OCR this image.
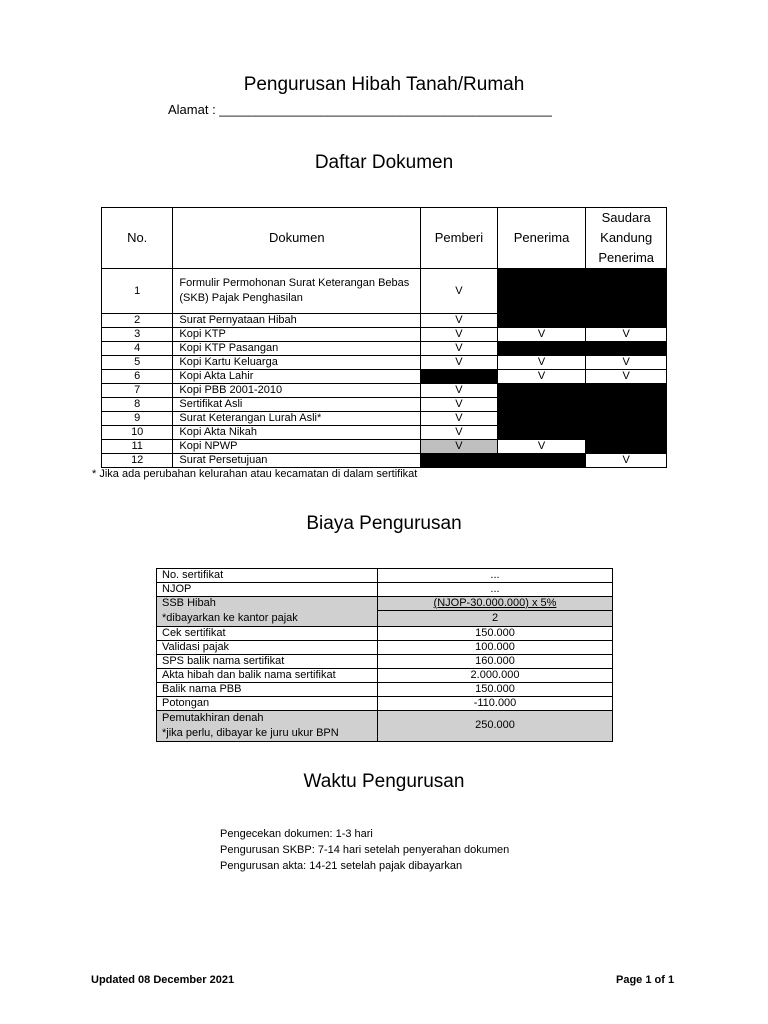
Pengurusan Hibah Tanah/Rumah
Alamat : ______________________________________________
Daftar Dokumen
No.	Dokumen	Pemberi	Penerima	Saudara Kandung Penerima
1	Formulir Permohonan Surat Keterangan Bebas (SKB) Pajak Penghasilan	V		
2	Surat Pernyataan Hibah	V		
3	Kopi KTP	V	V	V
4	Kopi KTP Pasangan	V		
5	Kopi Kartu Keluarga	V	V	V
6	Kopi Akta Lahir		V	V
7	Kopi PBB 2001-2010	V		
8	Sertifikat Asli	V		
9	Surat Keterangan Lurah Asli*	V		
10	Kopi Akta Nikah	V		
11	Kopi NPWP	V	V	
12	Surat Persetujuan			V
* Jika ada perubahan kelurahan atau kecamatan di dalam sertifikat
Biaya Pengurusan
No. sertifikat	...
NJOP	...
SSB Hibah	(NJOP-30.000.000) x 5%
*dibayarkan ke kantor pajak	2
Cek sertifikat	150.000
Validasi pajak	100.000
SPS balik nama sertifikat	160.000
Akta hibah dan balik nama sertifikat	2.000.000
Balik nama PBB	150.000
Potongan	-110.000

Pemutakhiran denah
*jika perlu, dibayar ke juru ukur BPN	250.000
Waktu Pengurusan
Pengecekan dokumen: 1-3 hari
Pengurusan SKBP: 7-14 hari setelah penyerahan dokumen
Pengurusan akta: 14-21 setelah pajak dibayarkan
Updated 08 December 2021	Page 1 of 1
